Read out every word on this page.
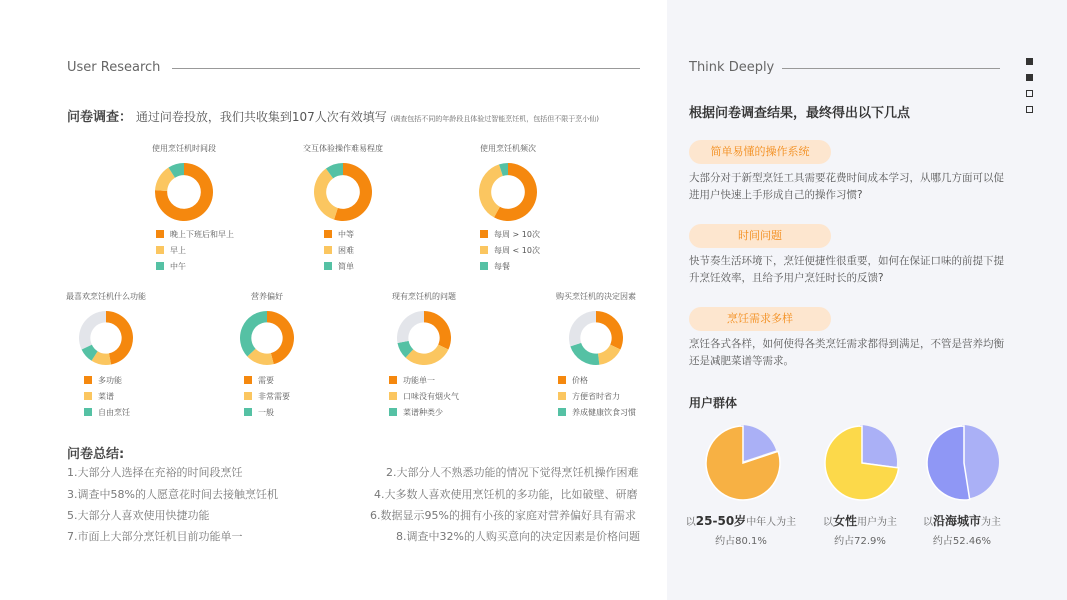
User Research
问卷调查： 通过问卷投放，我们共收集到107人次有效填写 (调查包括不同的年龄段且体验过智能烹饪机，包括但不限于烹小仙)
使用烹饪机时间段
晚上下班后和早上
早上
中午
交互体验操作难易程度
中等
困难
简单
使用烹饪机频次
每周 > 10次
每周 < 10次
每餐
最喜欢烹饪机什么功能
多功能
菜谱
自由烹饪
营养偏好
需要
非常需要
一般
现有烹饪机的问题
功能单一
口味没有烟火气
菜谱种类少
购买烹饪机的决定因素
价格
方便省时省力
养成健康饮食习惯
问卷总结:
1.大部分人选择在充裕的时间段烹饪	2.大部分人不熟悉功能的情况下觉得烹饪机操作困难
3.调查中58%的人愿意花时间去接触烹饪机	4.大多数人喜欢使用烹饪机的多功能，比如破壁、研磨
5.大部分人喜欢使用快捷功能	6.数据显示95%的拥有小孩的家庭对营养偏好具有需求
7.市面上大部分烹饪机目前功能单一	8.调查中32%的人购买意向的决定因素是价格问题
Think Deeply
根据问卷调查结果，最终得出以下几点
简单易懂的操作系统
大部分对于新型烹饪工具需要花费时间成本学习，从哪几方面可以促进用户快速上手形成自己的操作习惯?
时间问题
快节奏生活环境下，烹饪便捷性很重要，如何在保证口味的前提下提升烹饪效率，且给予用户烹饪时长的反馈?
烹饪需求多样
烹饪各式各样，如何使得各类烹饪需求都得到满足，不管是营养均衡还是减肥菜谱等需求。
用户群体
以25-50岁中年人为主
约占80.1%
以女性用户为主
约占72.9%
以沿海城市为主
约占52.46%
